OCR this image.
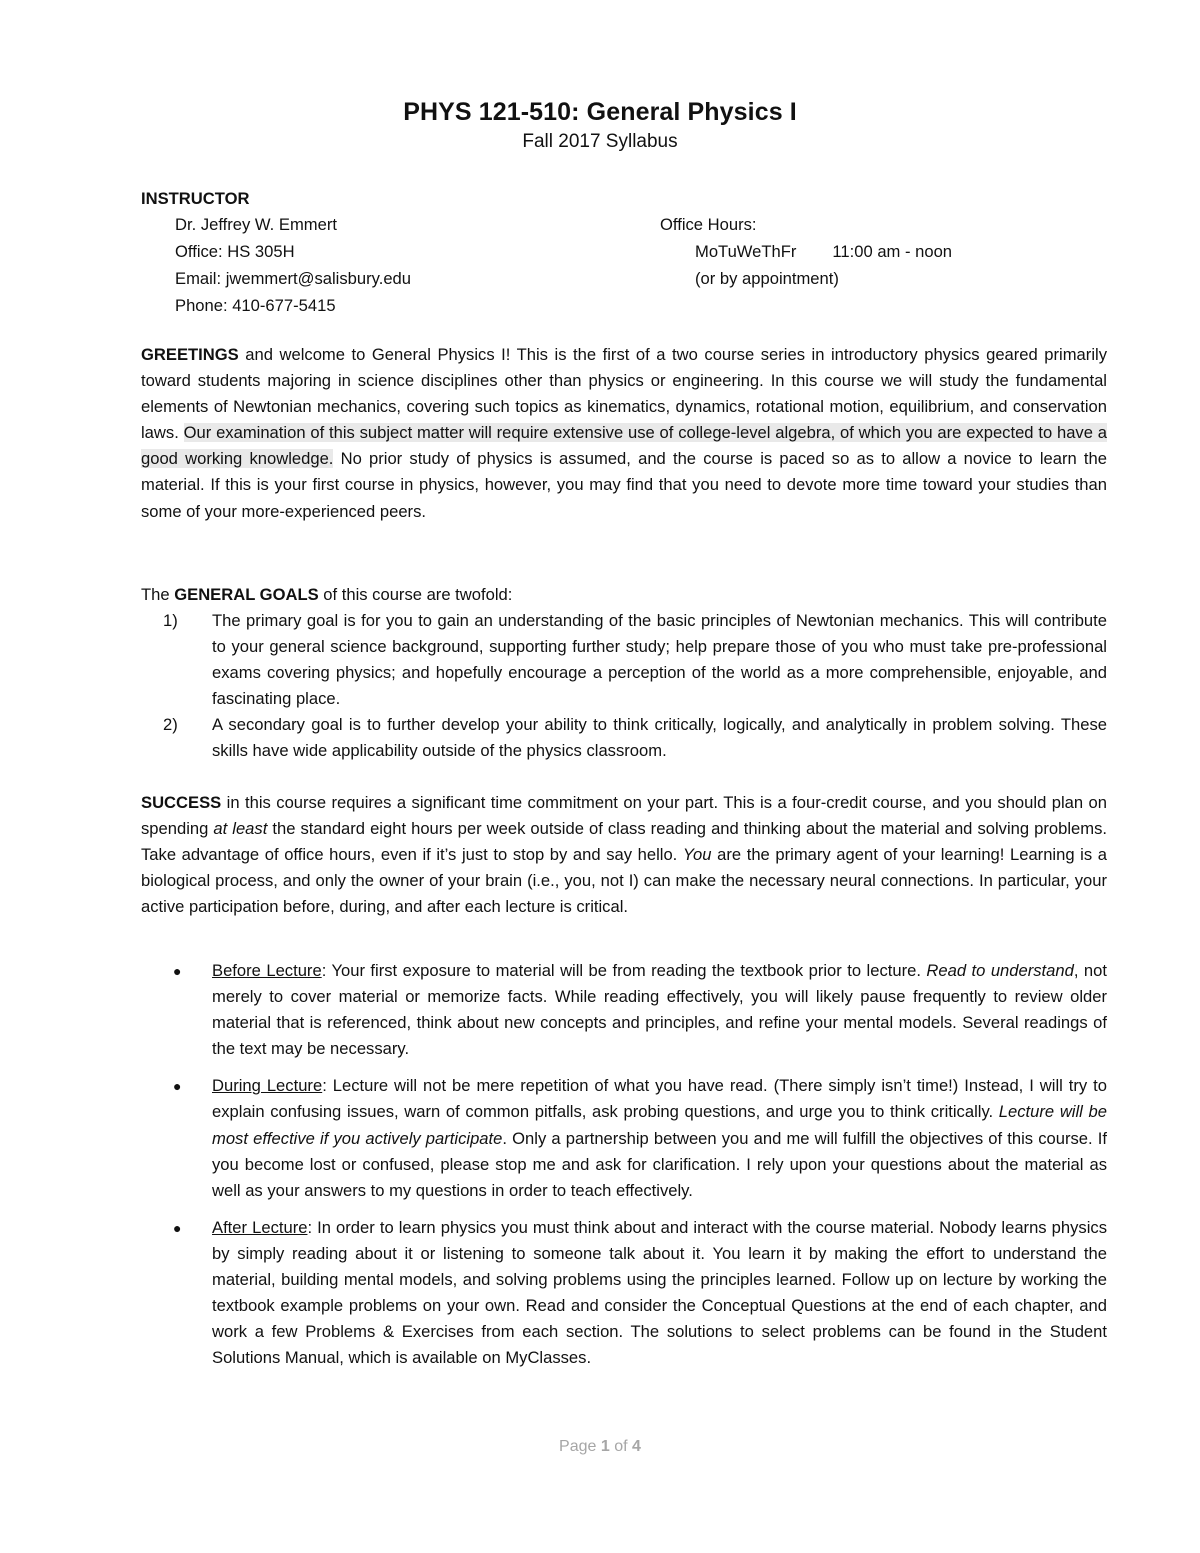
PHYS 121-510: General Physics I
Fall 2017 Syllabus
INSTRUCTOR
Dr. Jeffrey W. Emmert
Office: HS 305H
Email: jwemmert@salisbury.edu
Phone: 410-677-5415
Office Hours:
MoTuWeThFr 11:00 am - noon
(or by appointment)
GREETINGS and welcome to General Physics I! This is the first of a two course series in introductory physics geared primarily toward students majoring in science disciplines other than physics or engineering. In this course we will study the fundamental elements of Newtonian mechanics, covering such topics as kinematics, dynamics, rotational motion, equilibrium, and conservation laws. Our examination of this subject matter will require extensive use of college-level algebra, of which you are expected to have a good working knowledge. No prior study of physics is assumed, and the course is paced so as to allow a novice to learn the material. If this is your first course in physics, however, you may find that you need to devote more time toward your studies than some of your more-experienced peers.
The GENERAL GOALS of this course are twofold:
1) The primary goal is for you to gain an understanding of the basic principles of Newtonian mechanics. This will contribute to your general science background, supporting further study; help prepare those of you who must take pre-professional exams covering physics; and hopefully encourage a perception of the world as a more comprehensible, enjoyable, and fascinating place.
2) A secondary goal is to further develop your ability to think critically, logically, and analytically in problem solving. These skills have wide applicability outside of the physics classroom.
SUCCESS in this course requires a significant time commitment on your part. This is a four-credit course, and you should plan on spending at least the standard eight hours per week outside of class reading and thinking about the material and solving problems. Take advantage of office hours, even if it’s just to stop by and say hello. You are the primary agent of your learning! Learning is a biological process, and only the owner of your brain (i.e., you, not I) can make the necessary neural connections. In particular, your active participation before, during, and after each lecture is critical.
● Before Lecture: Your first exposure to material will be from reading the textbook prior to lecture. Read to understand, not merely to cover material or memorize facts. While reading effectively, you will likely pause frequently to review older material that is referenced, think about new concepts and principles, and refine your mental models. Several readings of the text may be necessary.
● During Lecture: Lecture will not be mere repetition of what you have read. (There simply isn’t time!) Instead, I will try to explain confusing issues, warn of common pitfalls, ask probing questions, and urge you to think critically. Lecture will be most effective if you actively participate. Only a partnership between you and me will fulfill the objectives of this course. If you become lost or confused, please stop me and ask for clarification. I rely upon your questions about the material as well as your answers to my questions in order to teach effectively.
● After Lecture: In order to learn physics you must think about and interact with the course material. Nobody learns physics by simply reading about it or listening to someone talk about it. You learn it by making the effort to understand the material, building mental models, and solving problems using the principles learned. Follow up on lecture by working the textbook example problems on your own. Read and consider the Conceptual Questions at the end of each chapter, and work a few Problems & Exercises from each section. The solutions to select problems can be found in the Student Solutions Manual, which is available on MyClasses.
Page 1 of 4
